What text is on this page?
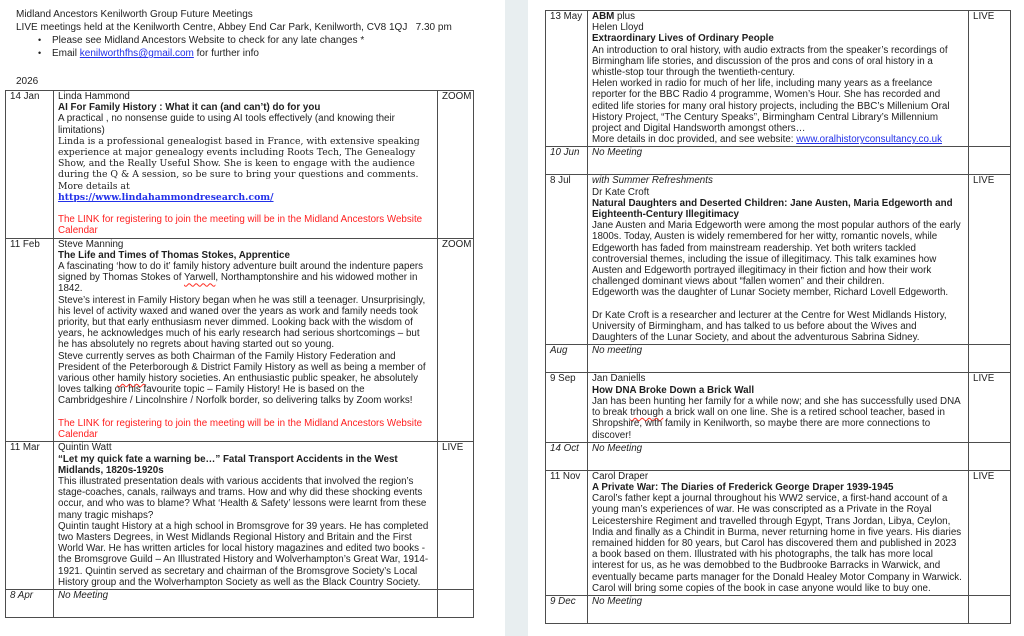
Midland Ancestors Kenilworth Group Future Meetings
LIVE meetings held at the Kenilworth Centre, Abbey End Car Park, Kenilworth, CV8 1QJ   7.30 pm
• Please see Midland Ancestors Website to check for any late changes *
• Email kenilworthfhs@gmail.com for further info
2026
14 Jan	Linda Hammond
AI For Family History : What it can (and can’t) do for you
A practical , no nonsense guide to using AI tools effectively (and knowing their limitations)
Linda is a professional genealogist based in France, with extensive speaking experience at major genealogy events including Roots Tech, The Genealogy Show, and the Really Useful Show. She is keen to engage with the audience during the Q & A session, so be sure to bring your questions and comments. More details at
https://www.lindahammondresearch.com/

The LINK for registering to join the meeting will be in the Midland Ancestors Website Calendar
	ZOOM
11 Feb	Steve Manning
The Life and Times of Thomas Stokes, Apprentice
A fascinating ‘how to do it’ family history adventure built around the indenture papers signed by Thomas Stokes of Yarwell, Northamptonshire and his widowed mother in 1842.
Steve’s interest in Family History began when he was still a teenager. Unsurprisingly, his level of activity waxed and waned over the years as work and family needs took priority, but that early enthusiasm never dimmed. Looking back with the wisdom of years, he acknowledges much of his early research had serious shortcomings – but he has absolutely no regrets about having started out so young.
Steve currently serves as both Chairman of the Family History Federation and President of the Peterborough & District Family History as well as being a member of various other hamily history societies. An enthusiastic public speaker, he absolutely loves talking on his favourite topic – Family History! He is based on the Cambridgeshire / Lincolnshire / Norfolk border, so delivering talks by Zoom works!

The LINK for registering to join the meeting will be in the Midland Ancestors Website Calendar
	ZOOM
11 Mar	Quintin Watt
“Let my quick fate a warning be…” Fatal Transport Accidents in the West Midlands, 1820s-1920s
This illustrated presentation deals with various accidents that involved the region’s stage-coaches, canals, railways and trams. How and why did these shocking events occur, and who was to blame? What ‘Health & Safety’ lessons were learnt from these many tragic mishaps?
Quintin taught History at a high school in Bromsgrove for 39 years. He has completed two Masters Degrees, in West Midlands Regional History and Britain and the First World War. He has written articles for local history magazines and edited two books - the Bromsgrove Guild – An Illustrated History and Wolverhampton’s Great War, 1914-1921. Quintin served as secretary and chairman of the Bromsgrove Society’s Local History group and the Wolverhampton Society as well as the Black Country Society.	LIVE
8 Apr	No Meeting	

13 May	ABM plus
Helen Lloyd
Extraordinary Lives of Ordinary People
An introduction to oral history, with audio extracts from the speaker’s recordings of Birmingham life stories, and discussion of the pros and cons of oral history in a whistle-stop tour through the twentieth-century.
Helen worked in radio for much of her life, including many years as a freelance reporter for the BBC Radio 4 programme, Women’s Hour. She has recorded and edited life stories for many oral history projects, including the BBC’s Millenium Oral History Project, “The Century Speaks”, Birmingham Central Library’s Millennium project and Digital Handsworth amongst others…
More details in doc provided, and see website: www.oralhistoryconsultancy.co.uk
	LIVE
10 Jun	No Meeting	

8 Jul	with Summer Refreshments
Dr Kate Croft
Natural Daughters and Deserted Children: Jane Austen, Maria Edgeworth and Eighteenth-Century Illegitimacy
Jane Austen and Maria Edgeworth were among the most popular authors of the early 1800s. Today, Austen is widely remembered for her witty, romantic novels, while Edgeworth has faded from mainstream readership. Yet both writers tackled controversial themes, including the issue of illegitimacy. This talk examines how Austen and Edgeworth portrayed illegitimacy in their fiction and how their work challenged dominant views about “fallen women” and their children.
Edgeworth was the daughter of Lunar Society member, Richard Lovell Edgeworth.

Dr Kate Croft is a researcher and lecturer at the Centre for West Midlands History, University of Birmingham, and has talked to us before about the Wives and Daughters of the Lunar Society, and about the adventurous Sabrina Sidney.
	LIVE
Aug	No meeting	

9 Sep	Jan Daniells
How DNA Broke Down a Brick Wall
Jan has been hunting her family for a while now; and she has successfully used DNA to break trhough a brick wall on one line. She is a retired school teacher, based in Shropshire, with family in Kenilworth, so maybe there are more connections to discover!	LIVE
14 Oct	No Meeting	

11 Nov	Carol Draper
A Private War: The Diaries of Frederick George Draper 1939-1945
Carol’s father kept a journal throughout his WW2 service, a first-hand account of a young man’s experiences of war. He was conscripted as a Private in the Royal Leicestershire Regiment and travelled through Egypt, Trans Jordan, Libya, Ceylon, India and finally as a Chindit in Burma, never returning home in five years. His diaries remained hidden for 80 years, but Carol has discovered them and published in 2023 a book based on them. Illustrated with his photographs, the talk has more local interest for us, as he was demobbed to the Budbrooke Barracks in Warwick, and eventually became parts manager for the Donald Healey Motor Company in Warwick.
Carol will bring some copies of the book in case anyone would like to buy one.	LIVE
9 Dec	No Meeting	
